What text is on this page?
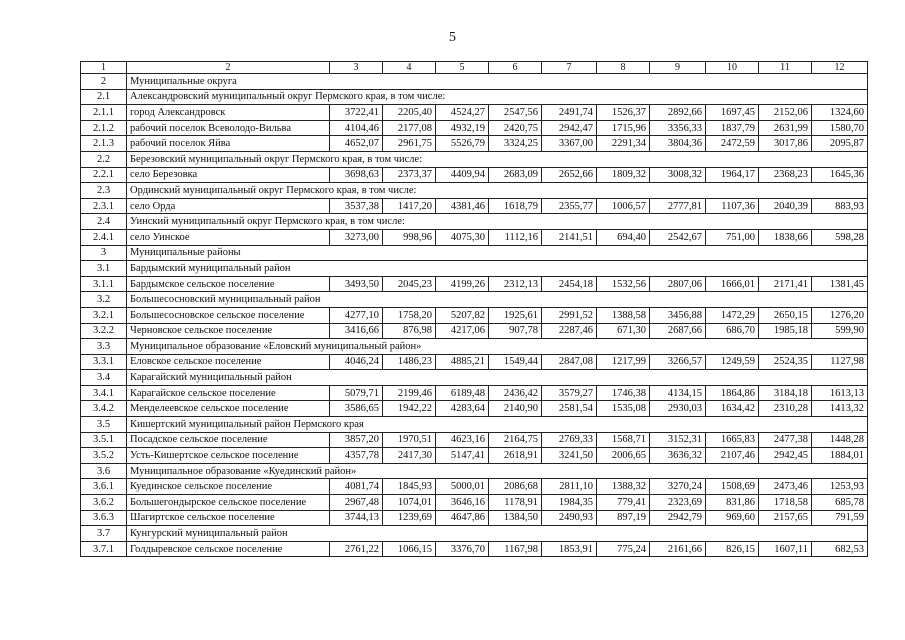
5
1	2	3	4	5	6	7	8	9	10	11	12
2	Муниципальные округа										
2.1	Александровский муниципальный округ Пермского края, в том числе:										
2.1.1	город Александровск	3722,41	2205,40	4524,27	2547,56	2491,74	1526,37	2892,66	1697,45	2152,06	1324,60
2.1.2	рабочий поселок Всеволодо-Вильва	4104,46	2177,08	4932,19	2420,75	2942,47	1715,96	3356,33	1837,79	2631,99	1580,70
2.1.3	рабочий поселок Яйва	4652,07	2961,75	5526,79	3324,25	3367,00	2291,34	3804,36	2472,59	3017,86	2095,87
2.2	Березовский муниципальный округ Пермского края, в том числе:										
2.2.1	село Березовка	3698,63	2373,37	4409,94	2683,09	2652,66	1809,32	3008,32	1964,17	2368,23	1645,36
2.3	Ординский муниципальный округ Пермского края, в том числе:										
2.3.1	село Орда	3537,38	1417,20	4381,46	1618,79	2355,77	1006,57	2777,81	1107,36	2040,39	883,93
2.4	Уинский муниципальный округ Пермского края, в том числе:										
2.4.1	село Уинское	3273,00	998,96	4075,30	1112,16	2141,51	694,40	2542,67	751,00	1838,66	598,28
3	Муниципальные районы										
3.1	Бардымский муниципальный район										
3.1.1	Бардымское сельское поселение	3493,50	2045,23	4199,26	2312,13	2454,18	1532,56	2807,06	1666,01	2171,41	1381,45
3.2	Большесосновский муниципальный район										
3.2.1	Большесосновское сельское поселение	4277,10	1758,20	5207,82	1925,61	2991,52	1388,58	3456,88	1472,29	2650,15	1276,20
3.2.2	Черновское сельское поселение	3416,66	876,98	4217,06	907,78	2287,46	671,30	2687,66	686,70	1985,18	599,90
3.3	Муниципальное образование «Еловский муниципальный район»										
3.3.1	Еловское сельское поселение	4046,24	1486,23	4885,21	1549,44	2847,08	1217,99	3266,57	1249,59	2524,35	1127,98
3.4	Карагайский муниципальный район										
3.4.1	Карагайское сельское поселение	5079,71	2199,46	6189,48	2436,42	3579,27	1746,38	4134,15	1864,86	3184,18	1613,13
3.4.2	Менделеевское сельское поселение	3586,65	1942,22	4283,64	2140,90	2581,54	1535,08	2930,03	1634,42	2310,28	1413,32
3.5	Кишертский муниципальный район Пермского края										
3.5.1	Посадское сельское поселение	3857,20	1970,51	4623,16	2164,75	2769,33	1568,71	3152,31	1665,83	2477,38	1448,28
3.5.2	Усть-Кишертское сельское поселение	4357,78	2417,30	5147,41	2618,91	3241,50	2006,65	3636,32	2107,46	2942,45	1884,01
3.6	Муниципальное образование «Куединский район»										
3.6.1	Куединское сельское поселение	4081,74	1845,93	5000,01	2086,68	2811,10	1388,32	3270,24	1508,69	2473,46	1253,93
3.6.2	Большегондырское сельское поселение	2967,48	1074,01	3646,16	1178,91	1984,35	779,41	2323,69	831,86	1718,58	685,78
3.6.3	Шагиртское сельское поселение	3744,13	1239,69	4647,86	1384,50	2490,93	897,19	2942,79	969,60	2157,65	791,59
3.7	Кунгурский муниципальный район										
3.7.1	Голдыревское сельское поселение	2761,22	1066,15	3376,70	1167,98	1853,91	775,24	2161,66	826,15	1607,11	682,53
